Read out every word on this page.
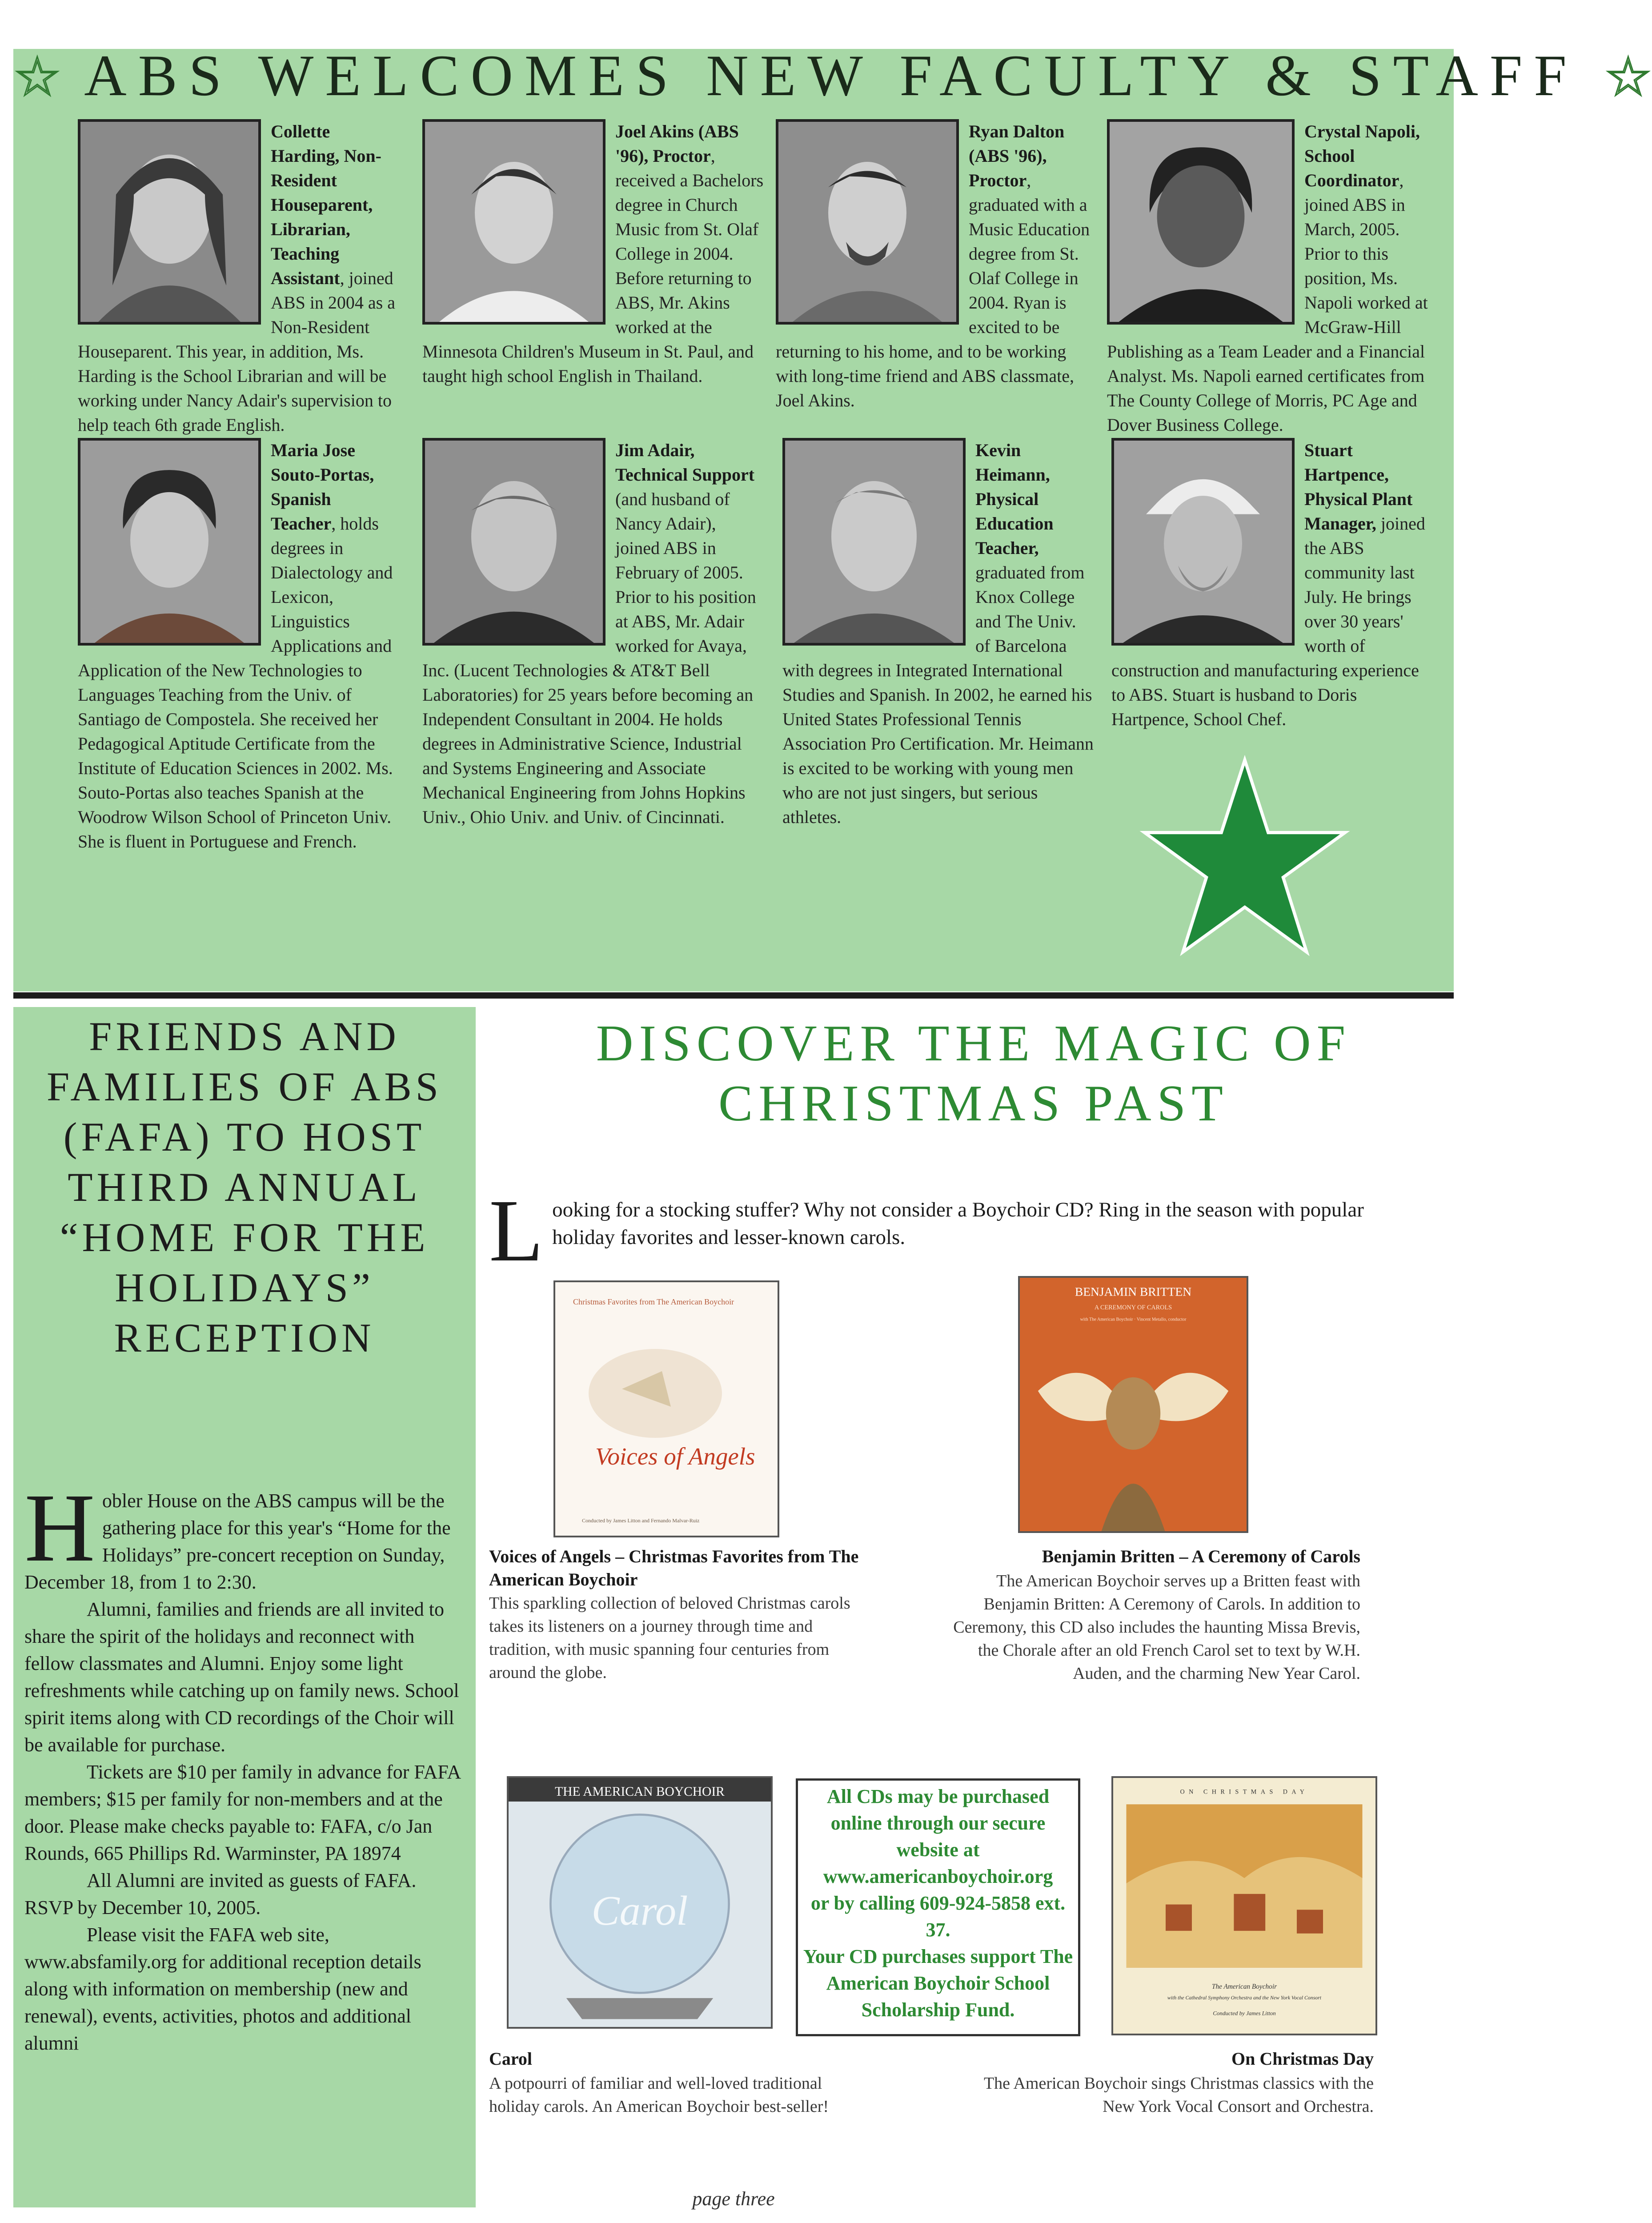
☆ ABS WELCOMES NEW FACULTY & STAFF ☆
Collette Harding, Non-Resident Houseparent, Librarian, Teaching Assistant, joined ABS in 2004 as a Non-Resident Houseparent. This year, in addition, Ms. Harding is the School Librarian and will be working under Nancy Adair's supervision to help teach 6th grade English.
Joel Akins (ABS '96), Proctor, received a Bachelors degree in Church Music from St. Olaf College in 2004. Before returning to ABS, Mr. Akins worked at the Minnesota Children's Museum in St. Paul, and taught high school English in Thailand.
Ryan Dalton (ABS '96), Proctor, graduated with a Music Education degree from St. Olaf College in 2004. Ryan is excited to be returning to his home, and to be working with long-time friend and ABS classmate, Joel Akins.
Crystal Napoli, School Coordinator, joined ABS in March, 2005. Prior to this position, Ms. Napoli worked at McGraw-Hill Publishing as a Team Leader and a Financial Analyst. Ms. Napoli earned certificates from The County College of Morris, PC Age and Dover Business College.
Maria Jose Souto-Portas, Spanish Teacher, holds degrees in Dialectology and Lexicon, Linguistics Applications and Application of the New Technologies to Languages Teaching from the Univ. of Santiago de Compostela. She received her Pedagogical Aptitude Certificate from the Institute of Education Sciences in 2002. Ms. Souto-Portas also teaches Spanish at the Woodrow Wilson School of Princeton Univ. She is fluent in Portuguese and French.
Jim Adair, Technical Support (and husband of Nancy Adair), joined ABS in February of 2005. Prior to his position at ABS, Mr. Adair worked for Avaya, Inc. (Lucent Technologies & AT&T Bell Laboratories) for 25 years before becoming an Independent Consultant in 2004. He holds degrees in Administrative Science, Industrial and Systems Engineering and Associate Mechanical Engineering from Johns Hopkins Univ., Ohio Univ. and Univ. of Cincinnati.
Kevin Heimann, Physical Education Teacher, graduated from Knox College and The Univ. of Barcelona with degrees in Integrated International Studies and Spanish. In 2002, he earned his United States Professional Tennis Association Pro Certification. Mr. Heimann is excited to be working with young men who are not just singers, but serious athletes.
Stuart Hartpence, Physical Plant Manager, joined the ABS community last July. He brings over 30 years' worth of construction and manufacturing experience to ABS. Stuart is husband to Doris Hartpence, School Chef.
FRIENDS AND FAMILIES OF ABS (FAFA) TO HOST THIRD ANNUAL “HOME FOR THE HOLIDAYS” RECEPTION

Hobler House on the ABS campus will be the gathering place for this year's “Home for the Holidays” pre-concert reception on Sunday, December 18, from 1 to 2:30.

Alumni, families and friends are all invited to share the spirit of the holidays and reconnect with fellow classmates and Alumni. Enjoy some light refreshments while catching up on family news. School spirit items along with CD recordings of the Choir will be available for purchase.

Tickets are $10 per family in advance for FAFA members; $15 per family for non-members and at the door. Please make checks payable to: FAFA, c/o Jan Rounds, 665 Phillips Rd. Warminster, PA 18974

All Alumni are invited as guests of FAFA. RSVP by December 10, 2005.

Please visit the FAFA web site, www.absfamily.org for additional reception details along with information on membership (new and renewal), events, activities, photos and additional alumni

DISCOVER THE MAGIC OF CHRISTMAS PAST
Looking for a stocking stuffer? Why not consider a Boychoir CD? Ring in the season with popular holiday favorites and lesser-known carols.
Christmas Favorites from The American Boychoir
Voices of Angels
Conducted by James Litton and Fernando Malvar-Ruiz
Voices of Angels – Christmas Favorites from The American Boychoir
This sparkling collection of beloved Christmas carols takes its listeners on a journey through time and tradition, with music spanning four centuries from around the globe.
BENJAMIN BRITTEN
A CEREMONY OF CAROLS
with The American Boychoir · Vincent Metallo, conductor
Benjamin Britten – A Ceremony of Carols
The American Boychoir serves up a Britten feast with Benjamin Britten: A Ceremony of Carols. In addition to Ceremony, this CD also includes the haunting Missa Brevis, the Chorale after an old French Carol set to text by W.H. Auden, and the charming New Year Carol.
THE AMERICAN BOYCHOIR
Carol
Carol
A potpourri of familiar and well-loved traditional holiday carols. An American Boychoir best-seller!
All CDs may be purchased online through our secure website at
www.americanboychoir.org
or by calling 609-924-5858 ext. 37.
Your CD purchases support The American Boychoir School Scholarship Fund.
ON CHRISTMAS DAY
The American Boychoir
with the Cathedral Symphony Orchestra and the New York Vocal Consort
Conducted by James Litton
On Christmas Day
The American Boychoir sings Christmas classics with the New York Vocal Consort and Orchestra.
page three
